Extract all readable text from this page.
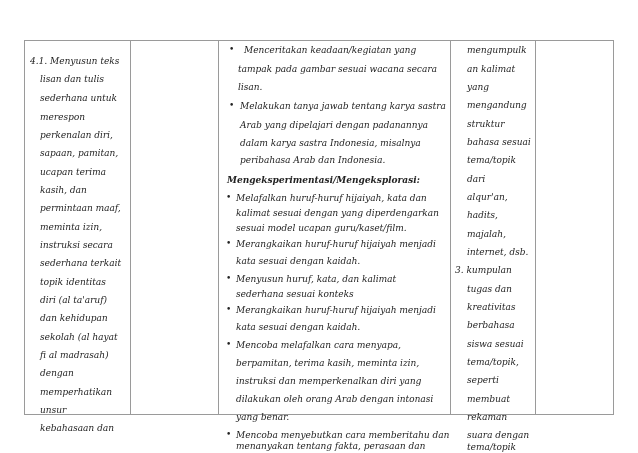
4.1. Menyusun teks
lisan dan tulis
sederhana untuk
merespon
perkenalan diri,
sapaan, pamitan,
ucapan terima
kasih, dan
permintaan maaf,
meminta izin,
instruksi secara
sederhana terkait
topik identitas
diri (al ta'aruf)
dan kehidupan
sekolah (al hayat
fi al madrasah)
dengan
memperhatikan
unsur
kebahasaan dan
• Menceritakan keadaan/kegiatan yang
tampak pada gambar sesuai wacana secara
lisan.
• Melakukan tanya jawab tentang karya sastra
Arab yang dipelajari dengan padanannya
dalam karya sastra Indonesia, misalnya
peribahasa Arab dan Indonesia.
Mengeksperimentasi/Mengeksplorasi:
• Melafalkan huruf-huruf hijaiyah, kata dan
kalimat sesuai dengan yang diperdengarkan
sesuai model ucapan guru/kaset/film.
• Merangkaikan huruf-huruf hijaiyah menjadi
kata sesuai dengan kaidah.
• Menyusun huruf, kata, dan kalimat
sederhana sesuai konteks
• Merangkaikan huruf-huruf hijaiyah menjadi
kata sesuai dengan kaidah.
• Mencoba melafalkan cara menyapa,
berpamitan, terima kasih, meminta izin,
instruksi dan memperkenalkan diri yang
dilakukan oleh orang Arab dengan intonasi
yang benar.
• Mencoba menyebutkan cara memberitahu dan
menanyakan tentang fakta, perasaan dan
mengumpulk
an kalimat
yang
mengandung
struktur
bahasa sesuai
tema/topik
dari
alqur'an,
hadits,
majalah,
internet, dsb.
3. kumpulan
tugas dan
kreativitas
berbahasa
siswa sesuai
tema/topik,
seperti
membuat
rekaman
suara dengan
tema/topik
